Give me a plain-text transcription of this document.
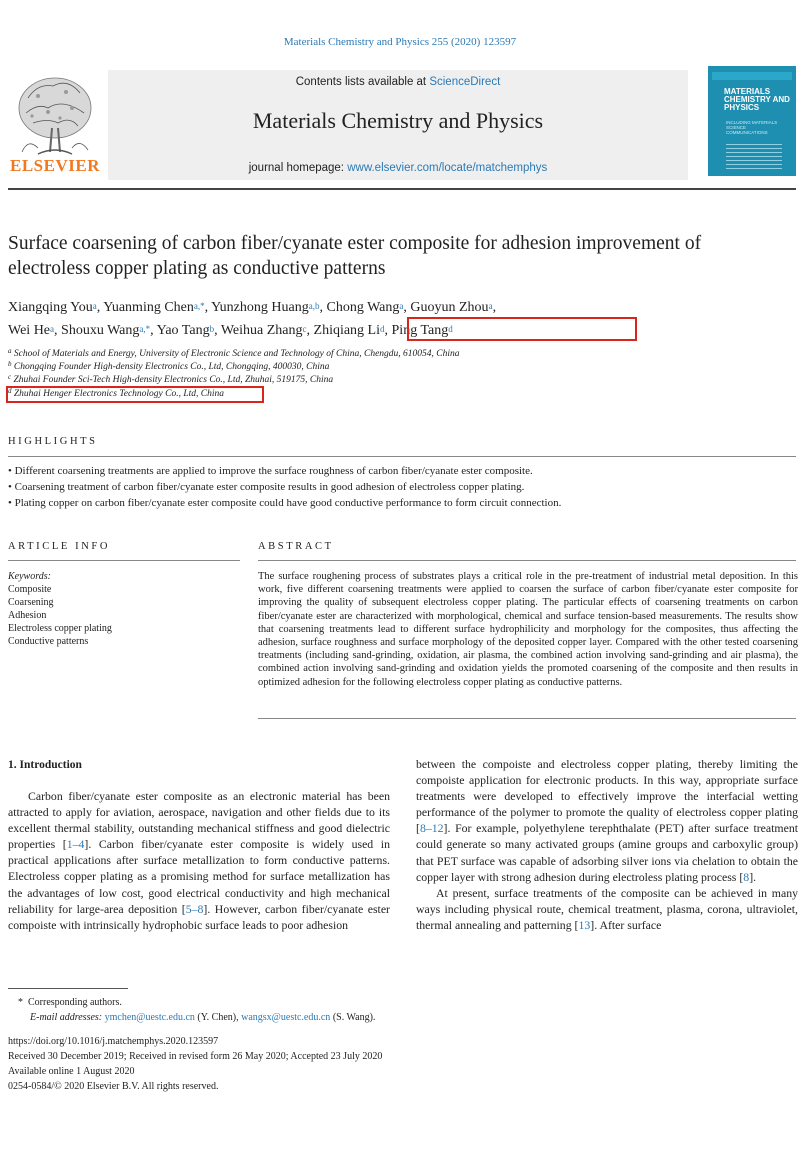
Materials Chemistry and Physics 255 (2020) 123597
Contents lists available at ScienceDirect
Materials Chemistry and Physics
journal homepage: www.elsevier.com/locate/matchemphys
ELSEVIER
MATERIALS CHEMISTRY AND PHYSICS
INCLUDING MATERIALS SCIENCE COMMUNICATIONS
Surface coarsening of carbon fiber/cyanate ester composite for adhesion improvement of electroless copper plating as conductive patterns
Xiangqing You$^a$, Yuanming Chen$^{a,*}$, Yunzhong Huang$^{a,b}$, Chong Wang$^a$, Guoyun Zhou$^a$,
Wei He$^a$, Shouxu Wang$^{a,*}$, Yao Tang$^b$, Weihua Zhang$^c$, Zhiqiang Li$^d$, Ping Tang$^d$
$^a$ School of Materials and Energy, University of Electronic Science and Technology of China, Chengdu, 610054, China
$^b$ Chongqing Founder High-density Electronics Co., Ltd, Chongqing, 400030, China
$^c$ Zhuhai Founder Sci-Tech High-density Electronics Co., Ltd, Zhuhai, 519175, China
$^d$ Zhuhai Henger Electronics Technology Co., Ltd, China
HIGHLIGHTS
• Different coarsening treatments are applied to improve the surface roughness of carbon fiber/cyanate ester composite.
• Coarsening treatment of carbon fiber/cyanate ester composite results in good adhesion of electroless copper plating.
• Plating copper on carbon fiber/cyanate ester composite could have good conductive performance to form circuit connection.
ARTICLE INFO	ABSTRACT
Keywords:
Composite
Coarsening
Adhesion
Electroless copper plating
Conductive patterns
The surface roughening process of substrates plays a critical role in the pre-treatment of industrial metal deposition. In this work, five different coarsening treatments were applied to coarsen the surface of carbon fiber/cyanate ester composite for improving the quality of subsequent electroless copper plating. The particular effects of coarsening treatments on carbon fiber/cyanate ester are characterized with morphological, chemical and surface tension-based measurements. The results show that coarsening treatments lead to different surface hydrophilicity and morphology for the composites, thus affecting the adhesion, surface roughness and surface morphology of the deposited copper layer. Compared with the other tested coarsening treatments (including sand-grinding, oxidation, air plasma, the combined action involving sand-grinding and air plasma), the combined action involving sand-grinding and oxidation yields the promoted coarsening of the composite and then results in optimized adhesion for the following electroless copper plating as conductive patterns.
1. Introduction

Carbon fiber/cyanate ester composite as an electronic material has been attracted to apply for aviation, aerospace, navigation and other fields due to its excellent thermal stability, outstanding mechanical stiffness and good dielectric properties [1–4]. Carbon fiber/cyanate ester composite is widely used in practical applications after surface metallization to form conductive patterns. Electroless copper plating as a promising method for surface metallization has the advantages of low cost, good electrical conductivity and high mechanical reliability for large-area deposition [5–8]. However, carbon fiber/cyanate ester compoiste with intrinsically hydrophobic surface leads to poor adhesion

between the compoiste and electroless copper plating, thereby limiting the compoiste application for electronic products. In this way, appropriate surface treatments were developed to effectively improve the interfacial wetting performance of the polymer to promote the quality of electroless copper plating [8–12]. For example, polyethylene terephthalate (PET) after surface treatment could generate so many activated groups (amine groups and carboxylic group) that PET surface was capable of adsorbing silver ions via chelation to obtain the copper layer with strong adhesion during electroless plating process [8].

At present, surface treatments of the composite can be achieved in many ways including physical route, chemical treatment, plasma, corona, ultraviolet, thermal annealing and patterning [13]. After surface

*  Corresponding authors.
E-mail addresses: ymchen@uestc.edu.cn (Y. Chen), wangsx@uestc.edu.cn (S. Wang).
https://doi.org/10.1016/j.matchemphys.2020.123597
Received 30 December 2019; Received in revised form 26 May 2020; Accepted 23 July 2020
Available online 1 August 2020
0254-0584/© 2020 Elsevier B.V. All rights reserved.
